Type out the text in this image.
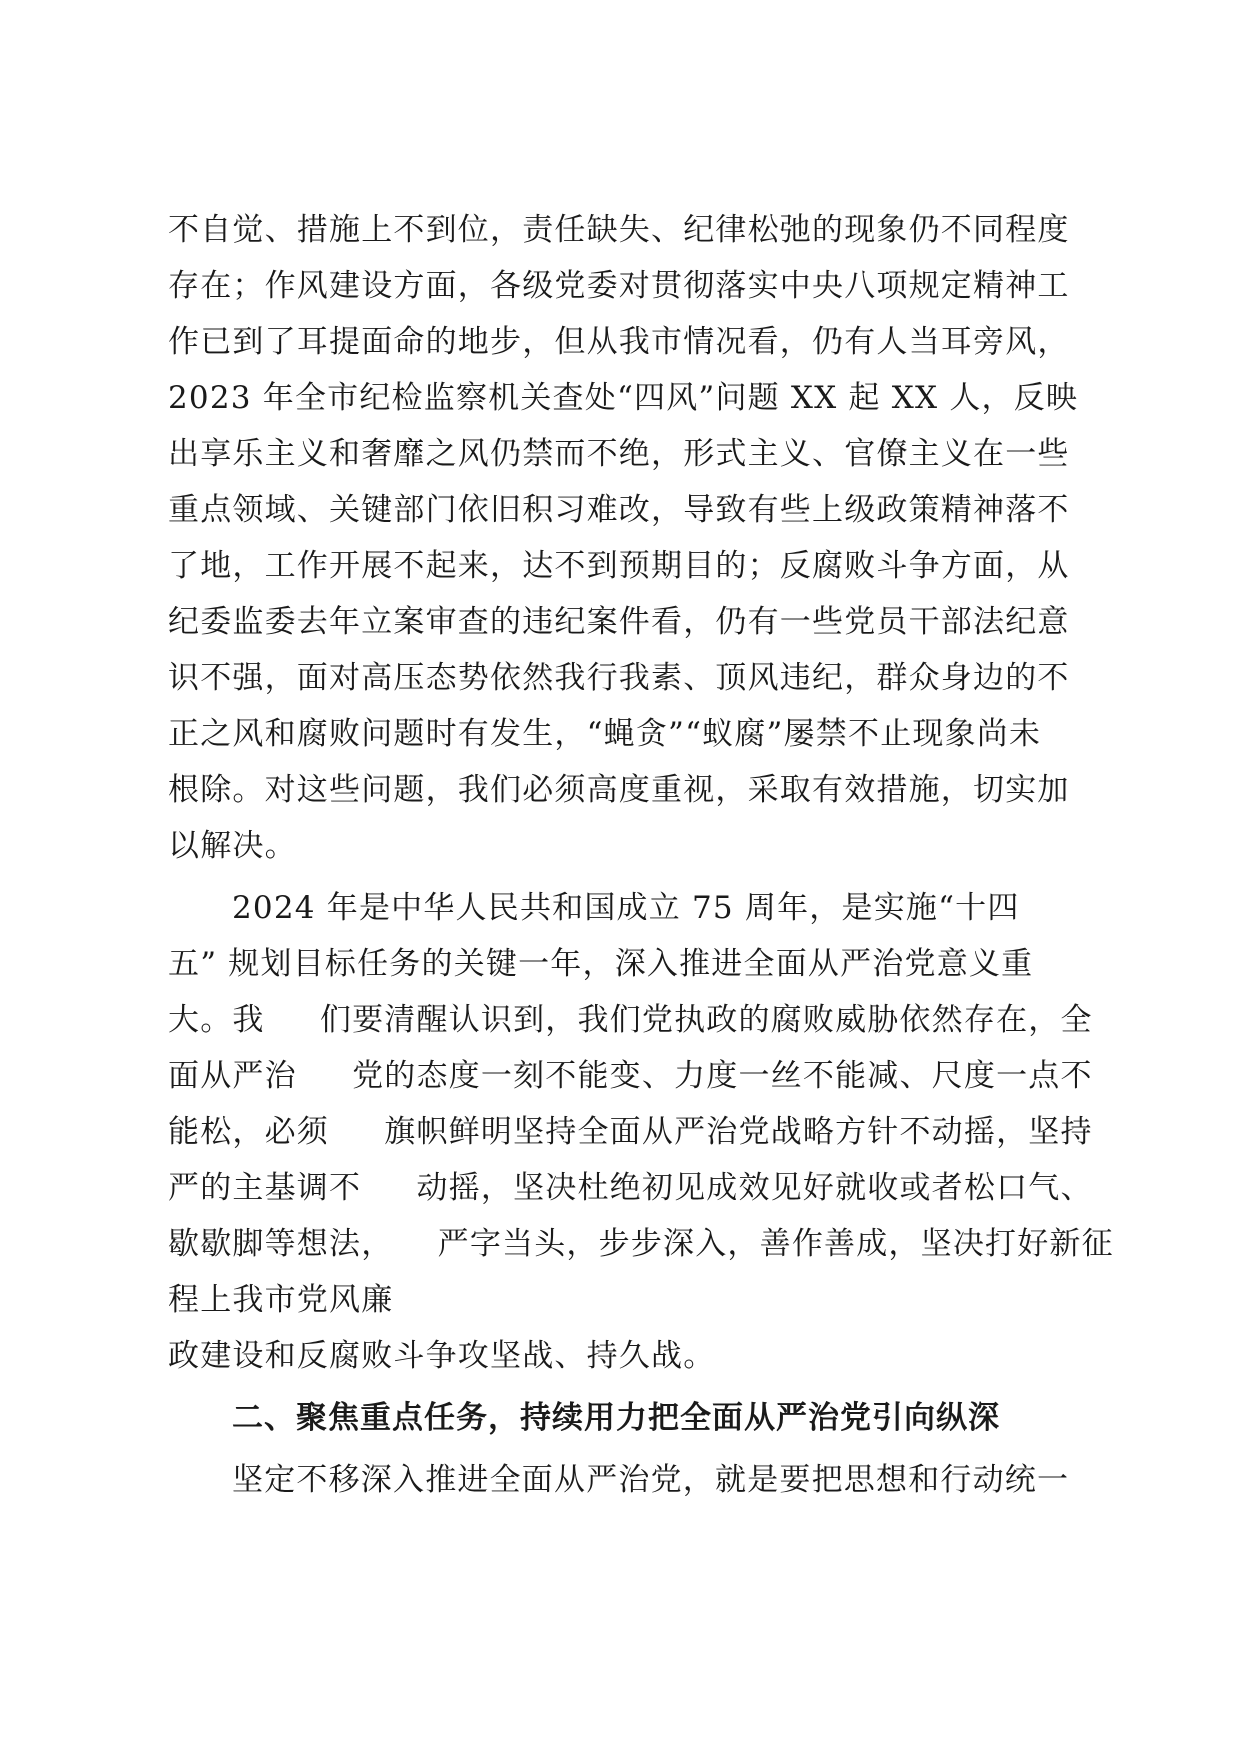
不自觉、措施上不到位，责任缺失、纪律松弛的现象仍不同程度
存在；作风建设方面，各级党委对贯彻落实中央八项规定精神工
作已到了耳提面命的地步，但从我市情况看，仍有人当耳旁风，
2023 年全市纪检监察机关查处“四风”问题 XX 起 XX 人，反映
出享乐主义和奢靡之风仍禁而不绝，形式主义、官僚主义在一些
重点领域、关键部门依旧积习难改，导致有些上级政策精神落不
了地，工作开展不起来，达不到预期目的；反腐败斗争方面，从
纪委监委去年立案审查的违纪案件看，仍有一些党员干部法纪意
识不强，面对高压态势依然我行我素、顶风违纪，群众身边的不
正之风和腐败问题时有发生，“蝇贪”“蚁腐”屡禁不止现象尚未
根除。对这些问题，我们必须高度重视，采取有效措施，切实加
以解决。
2024 年是中华人民共和国成立 75 周年，是实施“十四
五” 规划目标任务的关键一年，深入推进全面从严治党意义重
大。我     们要清醒认识到，我们党执政的腐败威胁依然存在，全
面从严治     党的态度一刻不能变、力度一丝不能减、尺度一点不
能松，必须     旗帜鲜明坚持全面从严治党战略方针不动摇，坚持
严的主基调不     动摇，坚决杜绝初见成效见好就收或者松口气、
歇歇脚等想法，    严字当头，步步深入，善作善成，坚决打好新征
程上我市党风廉
政建设和反腐败斗争攻坚战、持久战。
二、聚焦重点任务，持续用力把全面从严治党引向纵深
坚定不移深入推进全面从严治党，就是要把思想和行动统一
